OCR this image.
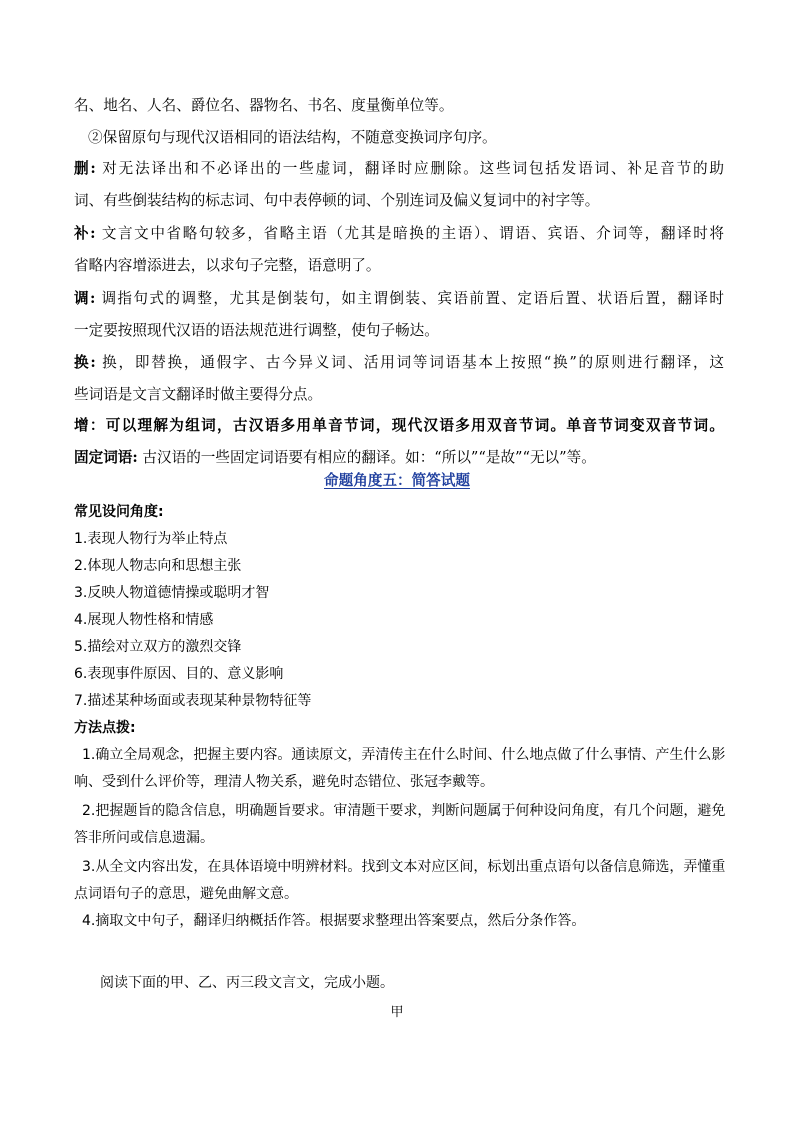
名、地名、人名、爵位名、器物名、书名、度量衡单位等。
②保留原句与现代汉语相同的语法结构，不随意变换词序句序。
删: 对无法译出和不必译出的一些虚词，翻译时应删除。这些词包括发语词、补足音节的助
词、有些倒装结构的标志词、句中表停顿的词、个别连词及偏义复词中的衬字等。
补: 文言文中省略句较多，省略主语（尤其是暗换的主语）、谓语、宾语、介词等，翻译时将
省略内容增添进去，以求句子完整，语意明了。
调: 调指句式的调整，尤其是倒装句，如主谓倒装、宾语前置、定语后置、状语后置，翻译时
一定要按照现代汉语的语法规范进行调整，使句子畅达。
换: 换，即替换，通假字、古今异义词、活用词等词语基本上按照“换”的原则进行翻译，这
些词语是文言文翻译时做主要得分点。
增：可以理解为组词，古汉语多用单音节词，现代汉语多用双音节词。单音节词变双音节词。
固定词语: 古汉语的一些固定词语要有相应的翻译。如：“所以”“是故”“无以”等。
命题角度五：简答试题
常见设问角度:
1.表现人物行为举止特点
2.体现人物志向和思想主张
3.反映人物道德情操或聪明才智
4.展现人物性格和情感
5.描绘对立双方的激烈交锋
6.表现事件原因、目的、意义影响
7.描述某种场面或表现某种景物特征等
方法点拨:
1.确立全局观念，把握主要内容。通读原文，弄清传主在什么时间、什么地点做了什么事情、产生什么影
响、受到什么评价等，理清人物关系，避免时态错位、张冠李戴等。
2.把握题旨的隐含信息，明确题旨要求。审清题干要求，判断问题属于何种设问角度，有几个问题，避免
答非所问或信息遗漏。
3.从全文内容出发，在具体语境中明辨材料。找到文本对应区间，标划出重点语句以备信息筛选，弄懂重
点词语句子的意思，避免曲解文意。
4.摘取文中句子，翻译归纳概括作答。根据要求整理出答案要点，然后分条作答。
阅读下面的甲、乙、丙三段文言文，完成小题。
甲
